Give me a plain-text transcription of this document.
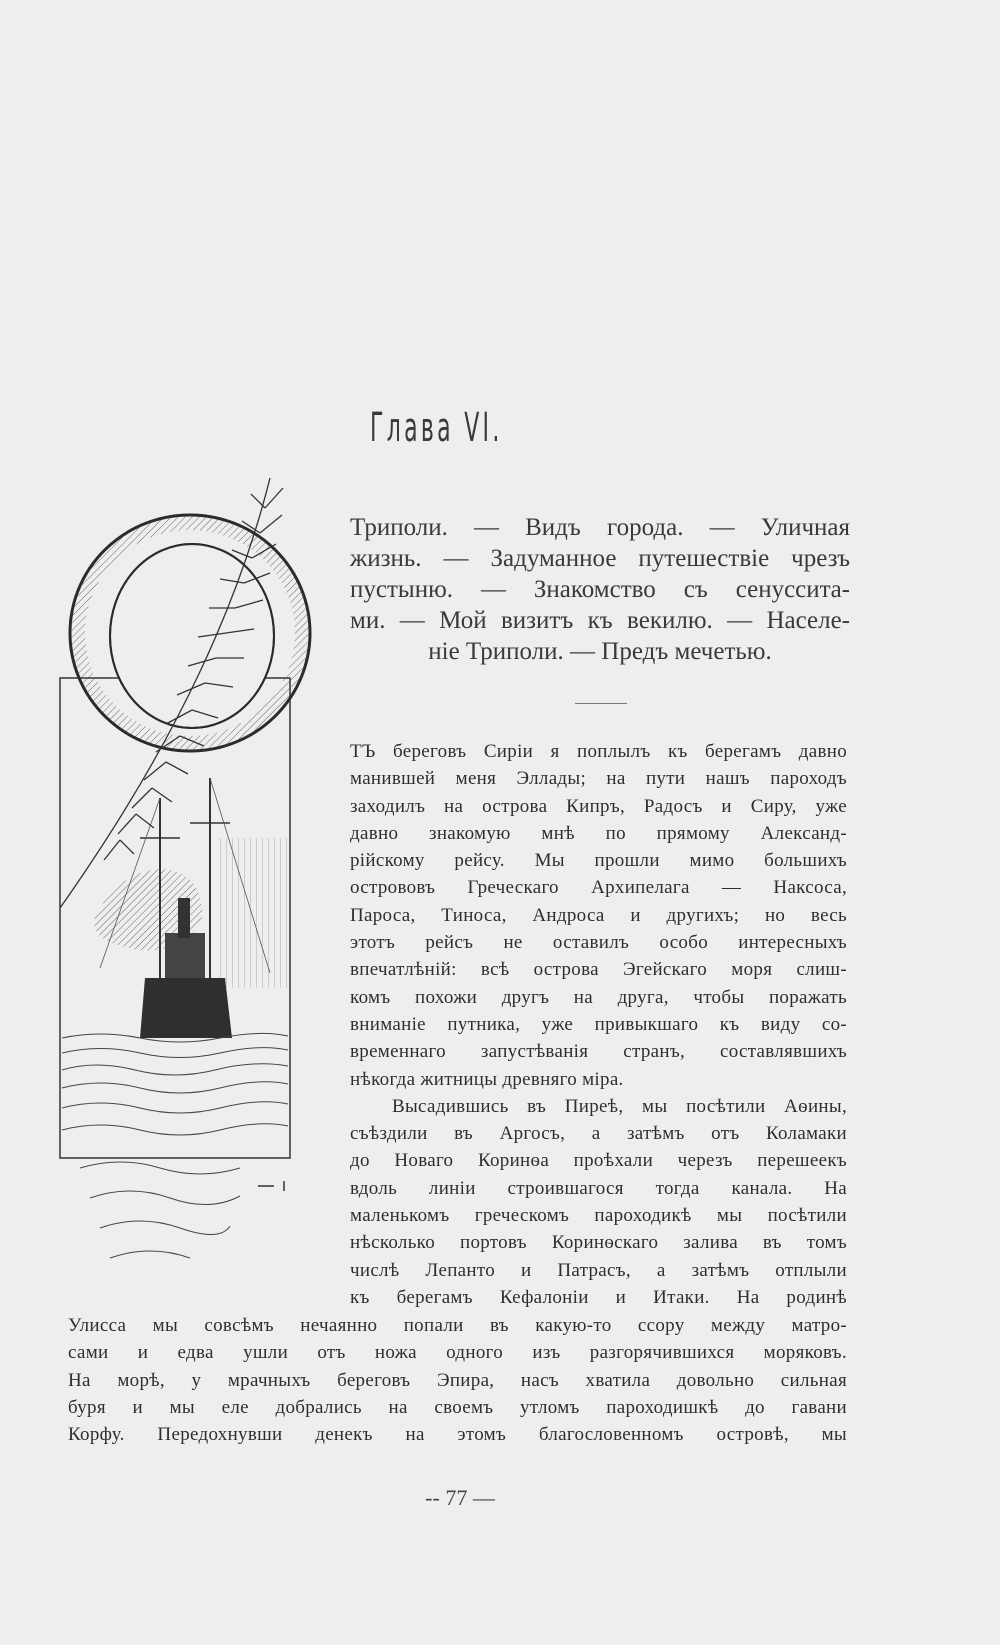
Глава VI.
Триполи. — Видъ города. — Уличная
жизнь. — Задуманное путешествіе чрезъ
пустыню. — Знакомство съ сенусситa-
ми. — Мой визитъ къ векилю. — Населе-
ніе Триполи. — Предъ мечетью.
ТЪ береговъ Сиріи я поплылъ къ берегамъ давно
манившей меня Эллады; на пути нашъ пароходъ
заходилъ на острова Кипръ, Радосъ и Сиру, уже
давно знакомую мнѣ по прямому Александ-
рійскому рейсу. Мы прошли мимо большихъ
острововъ Греческаго Архипелага — Наксоса,
Пароса, Тиноса, Андроса и другихъ; но весь
этотъ рейсъ не оставилъ особо интересныхъ
впечатлѣній: всѣ острова Эгейскаго моря слиш-
комъ похожи другъ на друга, чтобы поражать
вниманіе путника, уже привыкшаго къ виду со-
временнаго запустѣванія странъ, составлявшихъ
нѣкогда житницы древняго міра.
Высадившись въ Пиреѣ, мы посѣтили Аѳины,
съѣздили въ Аргосъ, а затѣмъ отъ Коламаки
до Новаго Коринѳа проѣхали черезъ перешеекъ
вдоль линіи строившагося тогда канала. На
маленькомъ греческомъ пароходикѣ мы посѣтили
нѣсколько портовъ Коринѳскаго залива въ томъ
числѣ Лепанто и Патрасъ, а затѣмъ отплыли
къ берегамъ Кефалоніи и Итаки. На родинѣ
Улисса мы совсѣмъ нечаянно попали въ какую-то ссору между матро-
сами и едва ушли отъ ножа одного изъ разгорячившихся моряковъ.
На морѣ, у мрачныхъ береговъ Эпира, насъ хватила довольно сильная
буря и мы еле добрались на своемъ утломъ пароходишкѣ до гавани
Корфу. Передохнувши денекъ на этомъ благословенномъ островѣ, мы
-- 77 —
